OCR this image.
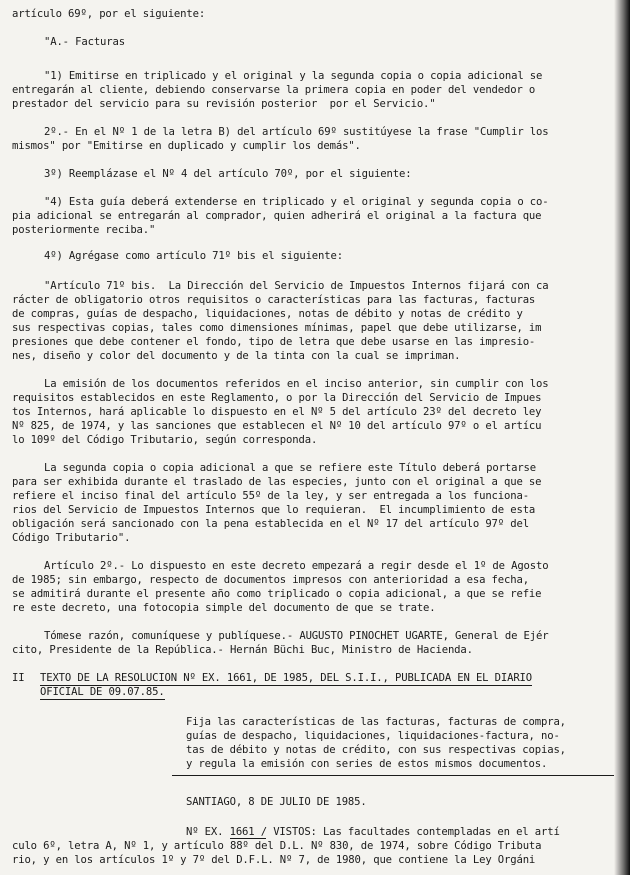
artículo 69º, por el siguiente:
"A.- Facturas
"1) Emitirse en triplicado y el original y la segunda copia o copia adicional se
entregarán al cliente, debiendo conservarse la primera copia en poder del vendedor o
prestador del servicio para su revisión posterior  por el Servicio."
2º.- En el Nº 1 de la letra B) del artículo 69º sustitúyese la frase "Cumplir los
mismos" por "Emitirse en duplicado y cumplir los demás".
3º) Reemplázase el Nº 4 del artículo 70º, por el siguiente:
"4) Esta guía deberá extenderse en triplicado y el original y segunda copia o co-
pia adicional se entregarán al comprador, quien adherirá el original a la factura que
posteriormente reciba."
4º) Agrégase como artículo 71º bis el siguiente:
"Artículo 71º bis.  La Dirección del Servicio de Impuestos Internos fijará con ca
rácter de obligatorio otros requisitos o características para las facturas, facturas
de compras, guías de despacho, liquidaciones, notas de débito y notas de crédito y
sus respectivas copias, tales como dimensiones mínimas, papel que debe utilizarse, im
presiones que debe contener el fondo, tipo de letra que debe usarse en las impresio-
nes, diseño y color del documento y de la tinta con la cual se impriman.
La emisión de los documentos referidos en el inciso anterior, sin cumplir con los
requisitos establecidos en este Reglamento, o por la Dirección del Servicio de Impues
tos Internos, hará aplicable lo dispuesto en el Nº 5 del artículo 23º del decreto ley
Nº 825, de 1974, y las sanciones que establecen el Nº 10 del artículo 97º o el artícu
lo 109º del Código Tributario, según corresponda.
La segunda copia o copia adicional a que se refiere este Título deberá portarse
para ser exhibida durante el traslado de las especies, junto con el original a que se
refiere el inciso final del artículo 55º de la ley, y ser entregada a los funciona-
rios del Servicio de Impuestos Internos que lo requieran.  El incumplimiento de esta
obligación será sancionado con la pena establecida en el Nº 17 del artículo 97º del
Código Tributario".
Artículo 2º.- Lo dispuesto en este decreto empezará a regir desde el 1º de Agosto
de 1985; sin embargo, respecto de documentos impresos con anterioridad a esa fecha,
se admitirá durante el presente año como triplicado o copia adicional, a que se refie
re este decreto, una fotocopia simple del documento de que se trate.
Tómese razón, comuníquese y publíquese.- AUGUSTO PINOCHET UGARTE, General de Ejér
cito, Presidente de la República.- Hernán Büchi Buc, Ministro de Hacienda.
II TEXTO DE LA RESOLUCION Nº EX. 1661, DE 1985, DEL S.I.I., PUBLICADA EN EL DIARIO
OFICIAL DE 09.07.85.
Fija las características de las facturas, facturas de compra,
guías de despacho, liquidaciones, liquidaciones-factura, no-
tas de débito y notas de crédito, con sus respectivas copias,
y regula la emisión con series de estos mismos documentos.
SANTIAGO, 8 DE JULIO DE 1985.
Nº EX. 1661 / VISTOS: Las facultades contempladas en el artí
culo 6º, letra A, Nº 1, y artículo 88º del D.L. Nº 830, de 1974, sobre Código Tributa
rio, y en los artículos 1º y 7º del D.F.L. Nº 7, de 1980, que contiene la Ley Orgáni
